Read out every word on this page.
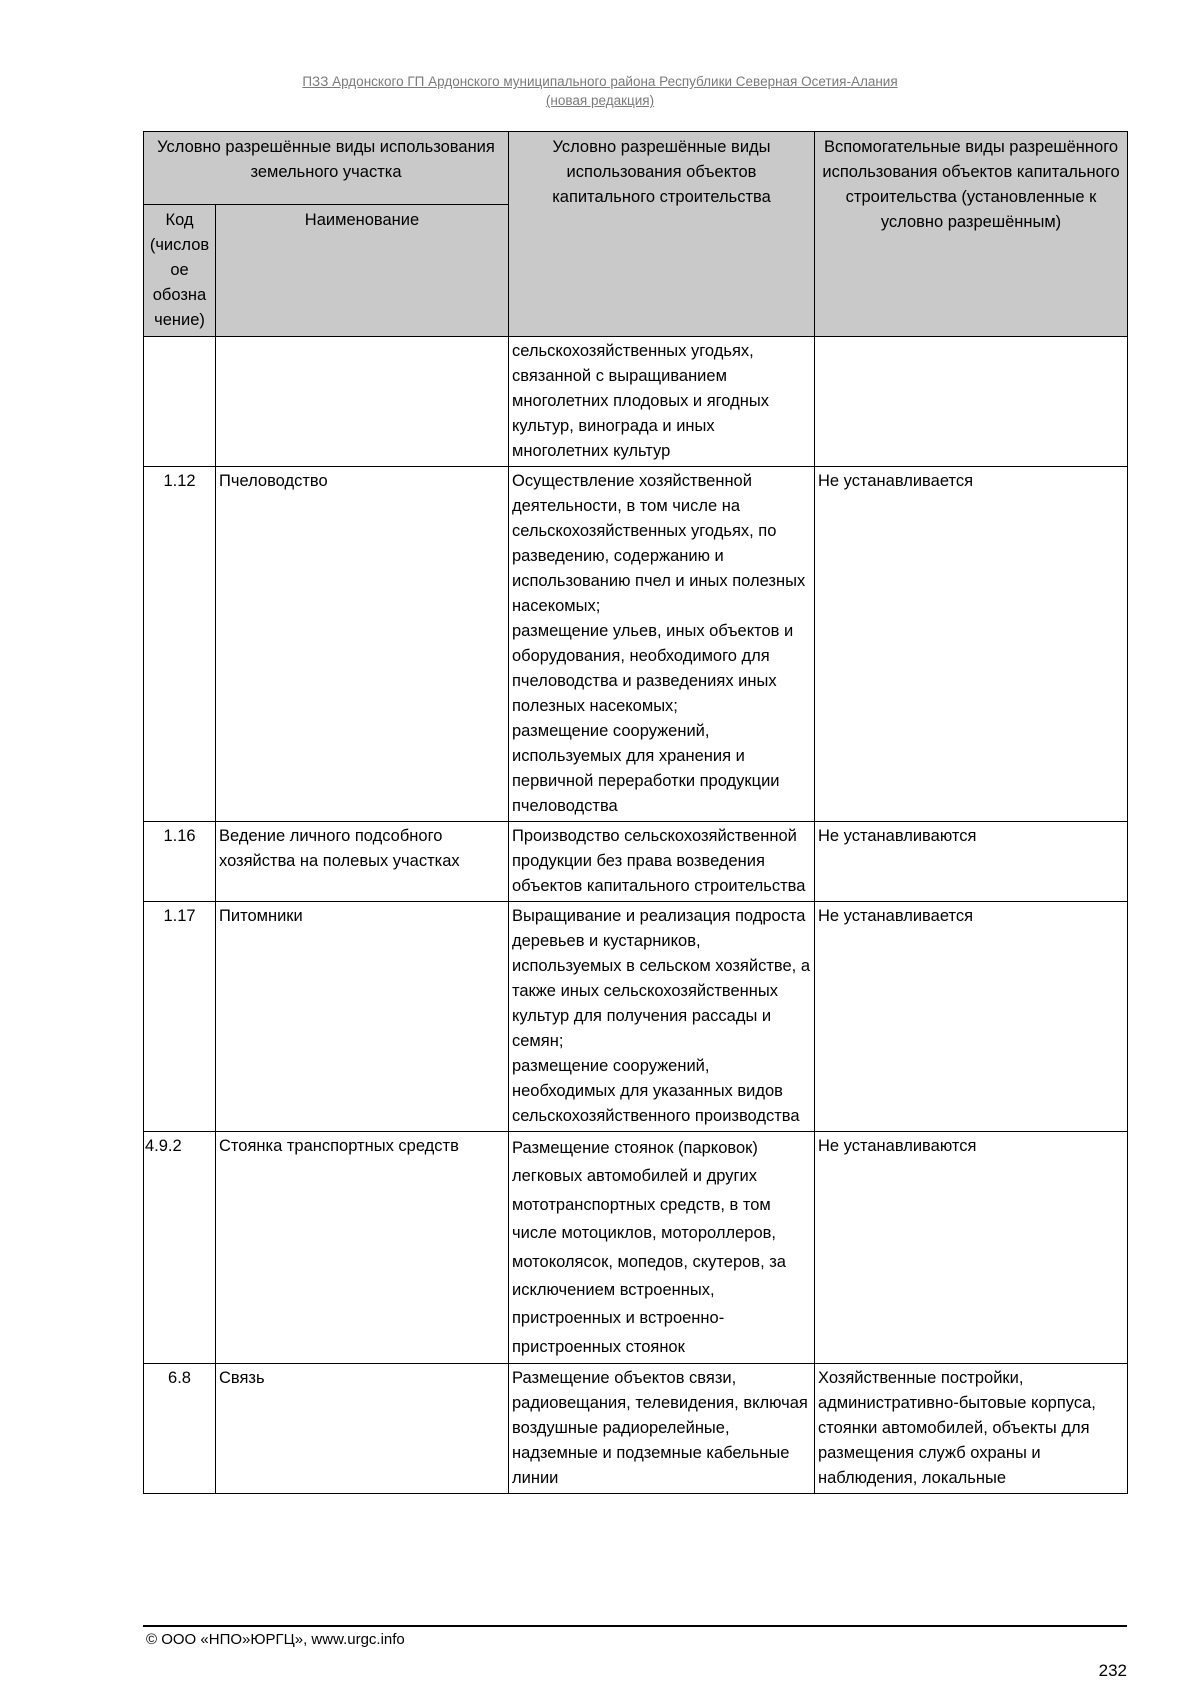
ПЗЗ Ардонского ГП Ардонского муниципального района Республики Северная Осетия-Алания
(новая редакция)
Условно разрешённые виды использования земельного участка		Условно разрешённые виды использования объектов капитального строительства	Вспомогательные виды разрешённого использования объектов капитального строительства (установленные к условно разрешённым)
Код (числов ое обозна чение)	Наименование		
		сельскохозяйственных угодьях, связанной с выращиванием многолетних плодовых и ягодных культур, винограда и иных многолетних культур	
1.12	Пчеловодство	Осуществление хозяйственной деятельности, в том числе на сельскохозяйственных угодьях, по разведению, содержанию и использованию пчел и иных полезных насекомых;
размещение ульев, иных объектов и оборудования, необходимого для пчеловодства и разведениях иных полезных насекомых;
размещение сооружений, используемых для хранения и первичной переработки продукции пчеловодства	Не устанавливается
1.16	Ведение личного подсобного хозяйства на полевых участках	Производство сельскохозяйственной продукции без права возведения объектов капитального строительства	Не устанавливаются
1.17	Питомники	Выращивание и реализация подроста деревьев и кустарников, используемых в сельском хозяйстве, а также иных сельскохозяйственных культур для получения рассады и семян;
размещение сооружений, необходимых для указанных видов сельскохозяйственного производства	Не устанавливается
4.9.2	Стоянка транспортных средств	Размещение стоянок (парковок) легковых автомобилей и других мототранспортных средств, в том числе мотоциклов, мотороллеров, мотоколясок, мопедов, скутеров, за исключением встроенных, пристроенных и встроенно-пристроенных стоянок	Не устанавливаются
6.8	Связь	Размещение объектов связи, радиовещания, телевидения, включая воздушные радиорелейные, надземные и подземные кабельные линии	Хозяйственные постройки, административно-бытовые корпуса, стоянки автомобилей, объекты для размещения служб охраны и наблюдения, локальные
© ООО «НПО»ЮРГЦ», www.urgc.info
232
